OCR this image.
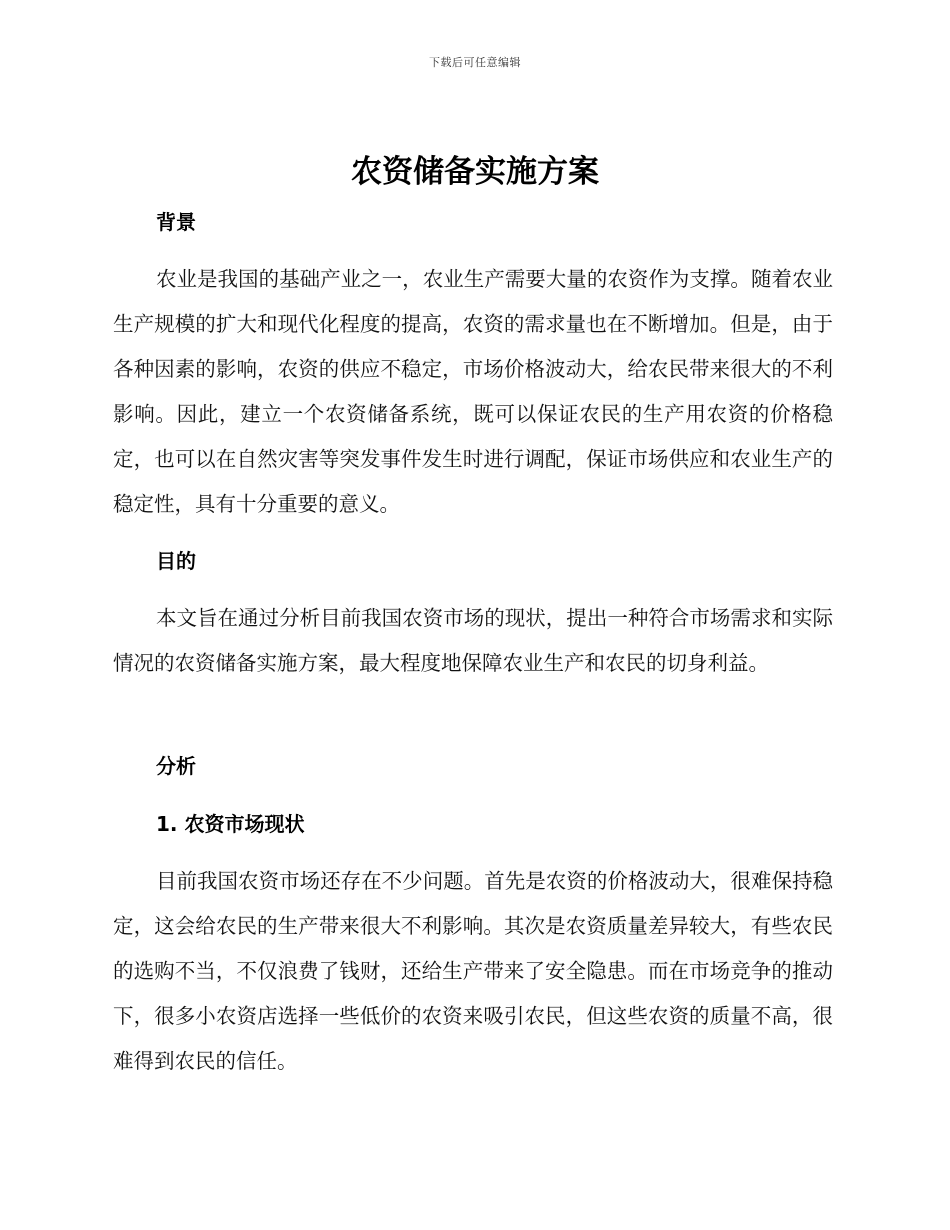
下载后可任意编辑
农资储备实施方案
背景

农业是我国的基础产业之一，农业生产需要大量的农资作为支撑。随着农业生产规模的扩大和现代化程度的提高，农资的需求量也在不断增加。但是，由于各种因素的影响，农资的供应不稳定，市场价格波动大，给农民带来很大的不利影响。因此，建立一个农资储备系统，既可以保证农民的生产用农资的价格稳定，也可以在自然灾害等突发事件发生时进行调配，保证市场供应和农业生产的稳定性，具有十分重要的意义。

目的

本文旨在通过分析目前我国农资市场的现状，提出一种符合市场需求和实际情况的农资储备实施方案，最大程度地保障农业生产和农民的切身利益。

分析
1. 农资市场现状

目前我国农资市场还存在不少问题。首先是农资的价格波动大，很难保持稳定，这会给农民的生产带来很大不利影响。其次是农资质量差异较大，有些农民的选购不当，不仅浪费了钱财，还给生产带来了安全隐患。而在市场竞争的推动下，很多小农资店选择一些低价的农资来吸引农民，但这些农资的质量不高，很难得到农民的信任。
